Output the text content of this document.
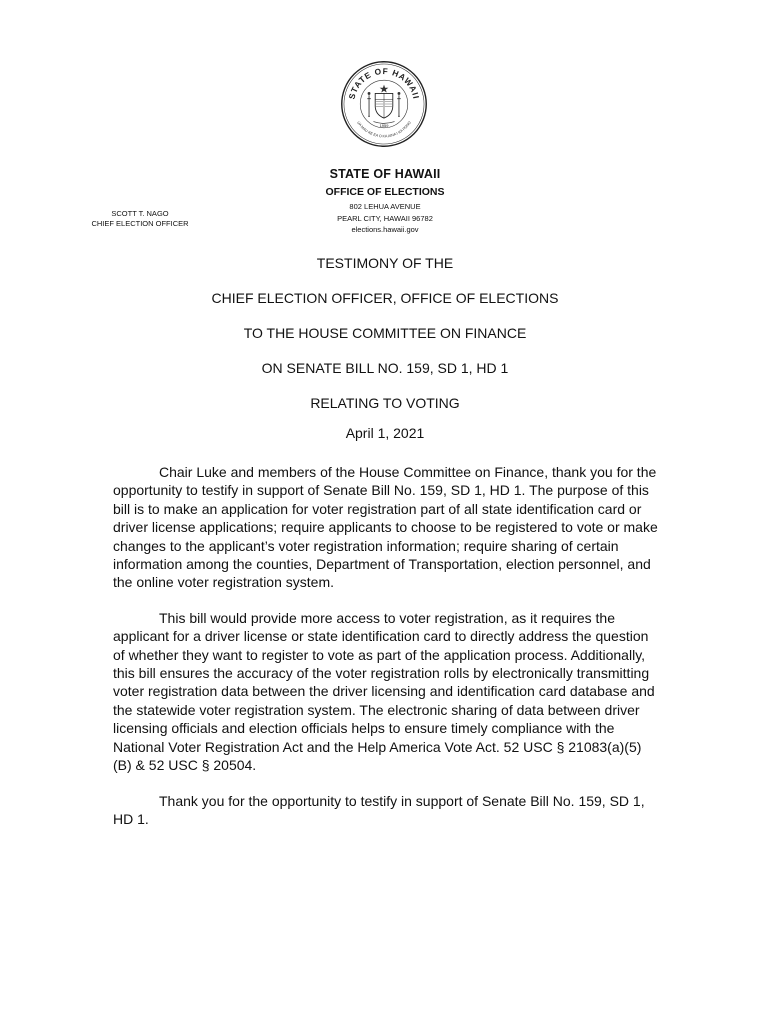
STATE OF HAWAII
UA MAU KE EA O KA AINA I KA PONO
1959
STATE OF HAWAII
OFFICE OF ELECTIONS
802 LEHUA AVENUE
PEARL CITY, HAWAII 96782
elections.hawaii.gov
SCOTT T. NAGO
CHIEF ELECTION OFFICER
TESTIMONY OF THE
CHIEF ELECTION OFFICER, OFFICE OF ELECTIONS
TO THE HOUSE COMMITTEE ON FINANCE
ON SENATE BILL NO. 159, SD 1, HD 1
RELATING TO VOTING
April 1, 2021

Chair Luke and members of the House Committee on Finance, thank you for the opportunity to testify in support of Senate Bill No. 159, SD 1, HD 1. The purpose of this bill is to make an application for voter registration part of all state identification card or driver license applications; require applicants to choose to be registered to vote or make changes to the applicant’s voter registration information; require sharing of certain information among the counties, Department of Transportation, election personnel, and the online voter registration system.

This bill would provide more access to voter registration, as it requires the applicant for a driver license or state identification card to directly address the question of whether they want to register to vote as part of the application process. Additionally, this bill ensures the accuracy of the voter registration rolls by electronically transmitting voter registration data between the driver licensing and identification card database and the statewide voter registration system. The electronic sharing of data between driver licensing officials and election officials helps to ensure timely compliance with the National Voter Registration Act and the Help America Vote Act. 52 USC § 21083(a)(5)(B) & 52 USC § 20504.

Thank you for the opportunity to testify in support of Senate Bill No. 159, SD 1, HD 1.
